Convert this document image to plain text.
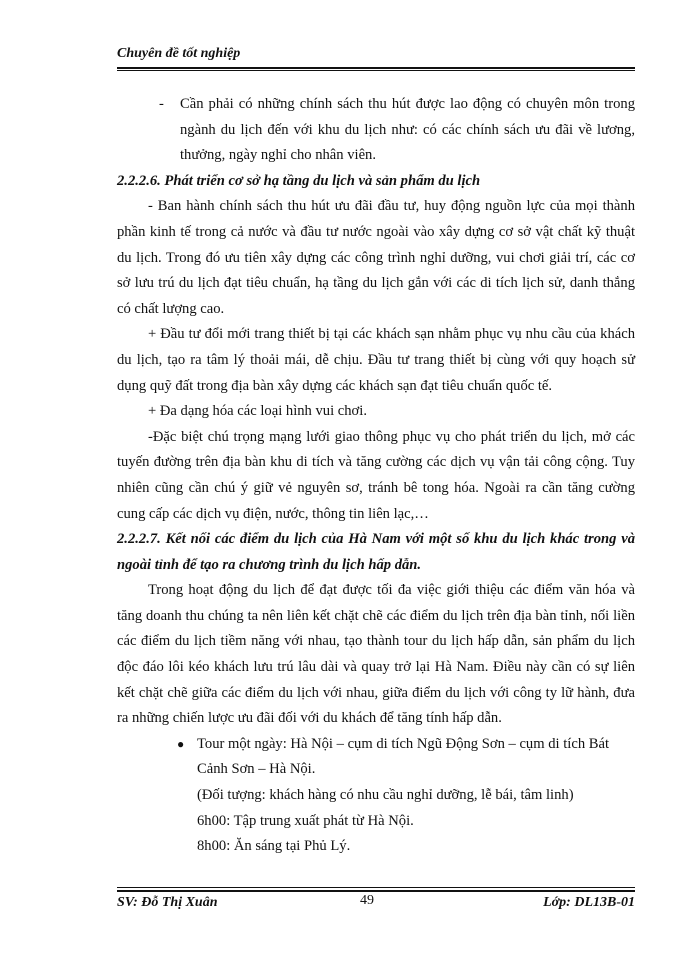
Chuyên đề tốt nghiệp
-	Cần phải có những chính sách thu hút được lao động có chuyên môn trong ngành du lịch đến với khu du lịch như: có các chính sách ưu đãi về lương, thưởng, ngày nghỉ cho nhân viên.

2.2.2.6. Phát triển cơ sở hạ tầng du lịch và sản phẩm du lịch

- Ban hành chính sách thu hút ưu đãi đầu tư, huy động nguồn lực của mọi thành phần kinh tế trong cả nước và đầu tư nước ngoài vào xây dựng cơ sở vật chất kỹ thuật du lịch. Trong đó ưu tiên xây dựng các công trình nghỉ dưỡng, vui chơi giải trí, các cơ sở lưu trú du lịch đạt tiêu chuẩn, hạ tầng du lịch gắn với các di tích lịch sử, danh thắng có chất lượng cao.

+ Đầu tư đổi mới trang thiết bị tại các khách sạn nhằm phục vụ nhu cầu của khách du lịch, tạo ra tâm lý thoải mái, dễ chịu. Đầu tư trang thiết bị cùng với quy hoạch sử dụng quỹ đất trong địa bàn xây dựng các khách sạn đạt tiêu chuẩn quốc tế.

+ Đa dạng hóa các loại hình vui chơi.

-Đặc biệt chú trọng mạng lưới giao thông phục vụ cho phát triển du lịch, mở các tuyến đường trên địa bàn khu di tích và tăng cường các dịch vụ vận tải công cộng. Tuy nhiên cũng cần chú ý giữ vẻ nguyên sơ, tránh bê tong hóa. Ngoài ra cần tăng cường cung cấp các dịch vụ điện, nước, thông tin liên lạc,…

2.2.2.7. Kết nối các điểm du lịch của Hà Nam với một số khu du lịch khác trong và ngoài tỉnh để tạo ra chương trình du lịch hấp dẫn.

Trong hoạt động du lịch để đạt được tối đa việc giới thiệu các điểm văn hóa và tăng doanh thu chúng ta nên liên kết chặt chẽ các điểm du lịch trên địa bàn tỉnh, nối liền các điểm du lịch tiềm năng với nhau, tạo thành tour du lịch hấp dẫn, sản phẩm du lịch độc đáo lôi kéo khách lưu trú lâu dài và quay trở lại Hà Nam. Điều này cần có sự liên kết chặt chẽ giữa các điểm du lịch với nhau, giữa điểm du lịch với công ty lữ hành, đưa ra những chiến lược ưu đãi đối với du khách để tăng tính hấp dẫn.

● Tour một ngày: Hà Nội – cụm di tích Ngũ Động Sơn – cụm di tích Bát Cảnh Sơn – Hà Nội.

(Đối tượng: khách hàng có nhu cầu nghỉ dưỡng, lễ bái, tâm linh)

6h00: Tập trung xuất phát từ Hà Nội.

8h00: Ăn sáng tại Phủ Lý.

SV: Đỗ Thị Xuân	49	Lớp: DL13B-01
